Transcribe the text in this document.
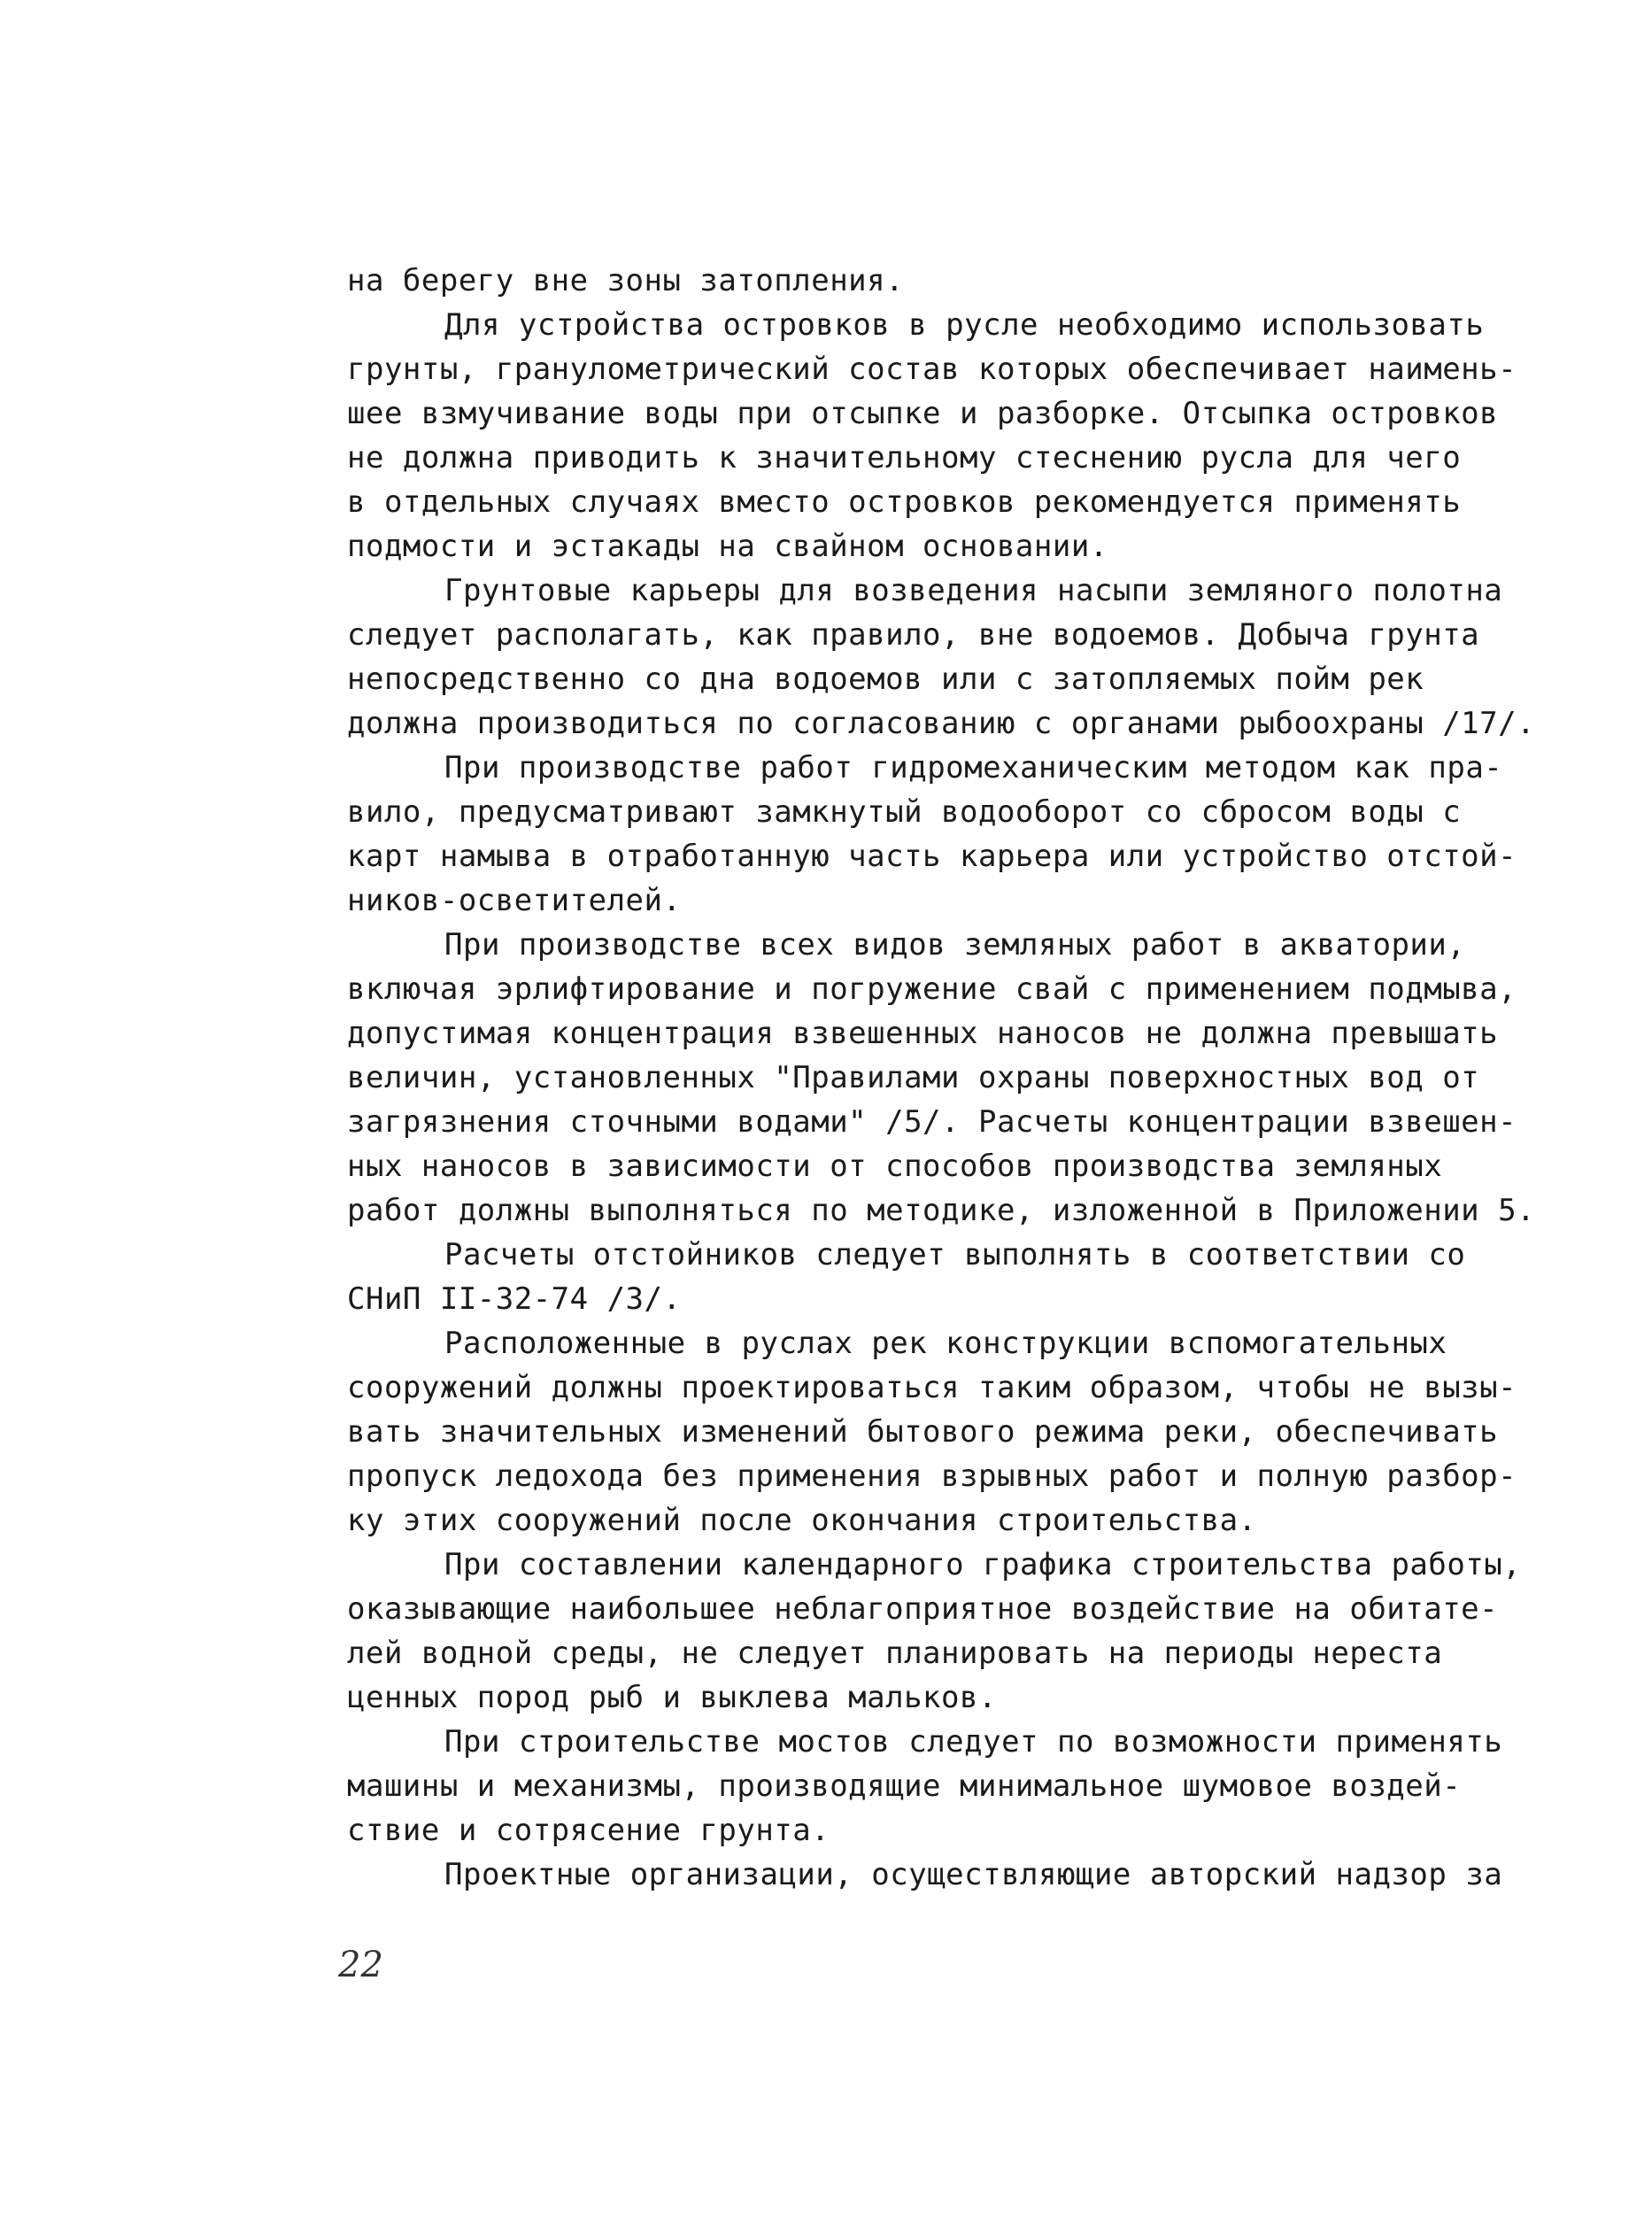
на берегу вне зоны затопления.
Для устройства островков в русле необходимо использовать
грунты, гранулометрический состав которых обеспечивает наимень-
шее взмучивание воды при отсыпке и разборке. Отсыпка островков
не должна приводить к значительному стеснению русла для чего
в отдельных случаях вместо островков рекомендуется применять
подмости и эстакады на свайном основании.
Грунтовые карьеры для возведения насыпи земляного полотна
следует располагать, как правило, вне водоемов. Добыча грунта
непосредственно со дна водоемов или с затопляемых пойм рек
должна производиться по согласованию с органами рыбоохраны /17/.
При производстве работ гидромеханическим методом как пра-
вило, предусматривают замкнутый водооборот со сбросом воды с
карт намыва в отработанную часть карьера или устройство отстой-
ников-осветителей.
При производстве всех видов земляных работ в акватории,
включая эрлифтирование и погружение свай с применением подмыва,
допустимая концентрация взвешенных наносов не должна превышать
величин, установленных "Правилами охраны поверхностных вод от
загрязнения сточными водами" /5/. Расчеты концентрации взвешен-
ных наносов в зависимости от способов производства земляных
работ должны выполняться по методике, изложенной в Приложении 5.
Расчеты отстойников следует выполнять в соответствии со
СНиП II-32-74 /3/.
Расположенные в руслах рек конструкции вспомогательных
сооружений должны проектироваться таким образом, чтобы не вызы-
вать значительных изменений бытового режима реки, обеспечивать
пропуск ледохода без применения взрывных работ и полную разбор-
ку этих сооружений после окончания строительства.
При составлении календарного графика строительства работы,
оказывающие наибольшее неблагоприятное воздействие на обитате-
лей водной среды, не следует планировать на периоды нереста
ценных пород рыб и выклева мальков.
При строительстве мостов следует по возможности применять
машины и механизмы, производящие минимальное шумовое воздей-
ствие и сотрясение грунта.
Проектные организации, осуществляющие авторский надзор за
22
